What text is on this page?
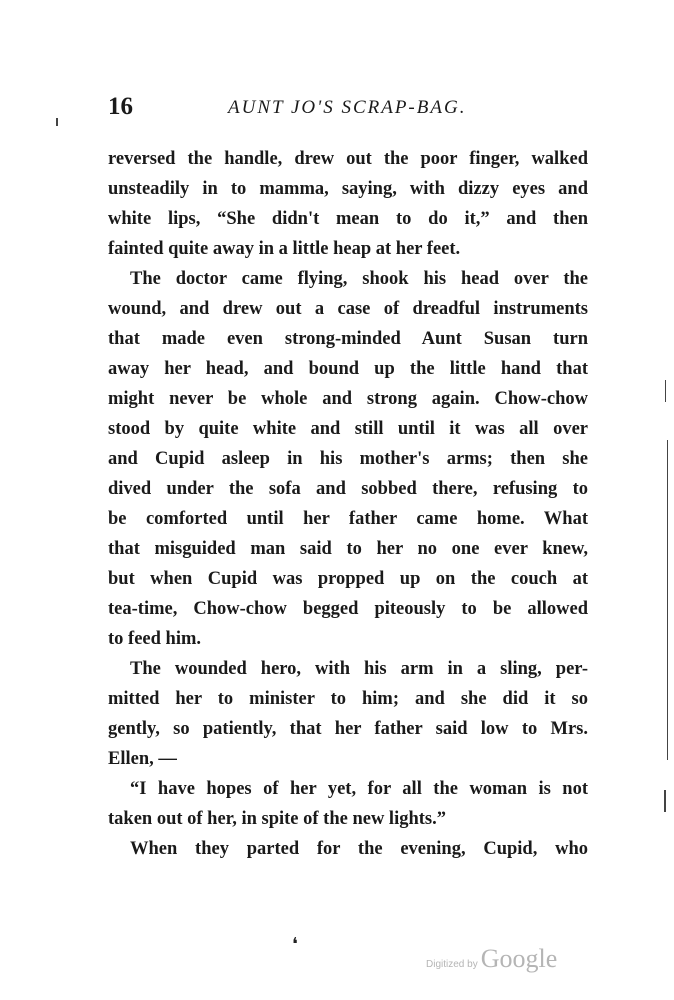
16	AUNT JO'S SCRAP-BAG.
reversed the handle, drew out the poor finger, walked
unsteadily in to mamma, saying, with dizzy eyes and
white lips, “She didn't mean to do it,” and then
fainted quite away in a little heap at her feet.
The doctor came flying, shook his head over the
wound, and drew out a case of dreadful instruments
that made even strong-minded Aunt Susan turn
away her head, and bound up the little hand that
might never be whole and strong again. Chow-chow
stood by quite white and still until it was all over
and Cupid asleep in his mother's arms; then she
dived under the sofa and sobbed there, refusing to
be comforted until her father came home. What
that misguided man said to her no one ever knew,
but when Cupid was propped up on the couch at
tea-time, Chow-chow begged piteously to be allowed
to feed him.
The wounded hero, with his arm in a sling, per-
mitted her to minister to him; and she did it so
gently, so patiently, that her father said low to Mrs.
Ellen, —
“I have hopes of her yet, for all the woman is not
taken out of her, in spite of the new lights.”
When they parted for the evening, Cupid, who
❛
Digitized by Google
